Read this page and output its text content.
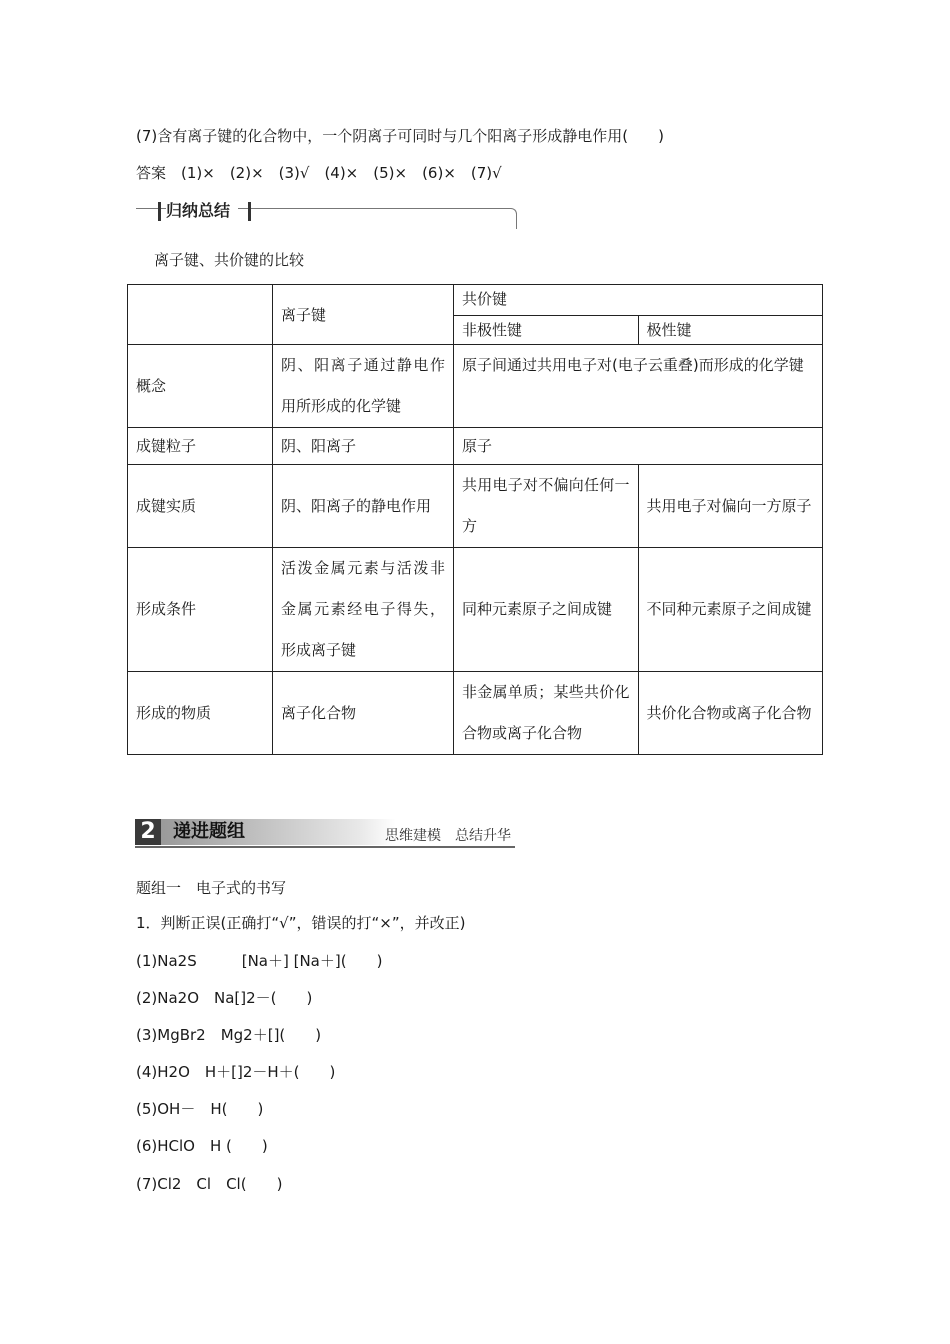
(7)含有离子键的化合物中，一个阴离子可同时与几个阳离子形成静电作用(　　)
答案　(1)×　(2)×　(3)√　(4)×　(5)×　(6)×　(7)√
归纳总结
离子键、共价键的比较
	离子键	共价键	
		非极性键	极性键
概念	阴、阳离子通过静电作用所形成的化学键	原子间通过共用电子对(电子云重叠)而形成的化学键	
成键粒子	阴、阳离子	原子	
成键实质	阴、阳离子的静电作用	共用电子对不偏向任何一方	共用电子对偏向一方原子
形成条件	活泼金属元素与活泼非金属元素经电子得失，形成离子键	同种元素原子之间成键	不同种元素原子之间成键
形成的物质	离子化合物	非金属单质；某些共价化合物或离子化合物	共价化合物或离子化合物
2 递进题组	思维建模　总结升华
题组一　电子式的书写
1．判断正误(正确打“√”，错误的打“×”，并改正)
(1)Na2S　　　[Na＋] [Na＋](　　)
(2)Na2O　Na[]2－(　　)
(3)MgBr2　Mg2＋[](　　)
(4)H2O　H＋[]2－H＋(　　)
(5)OH－　H(　　)
(6)HClO　H (　　)
(7)Cl2　Cl　Cl(　　)
